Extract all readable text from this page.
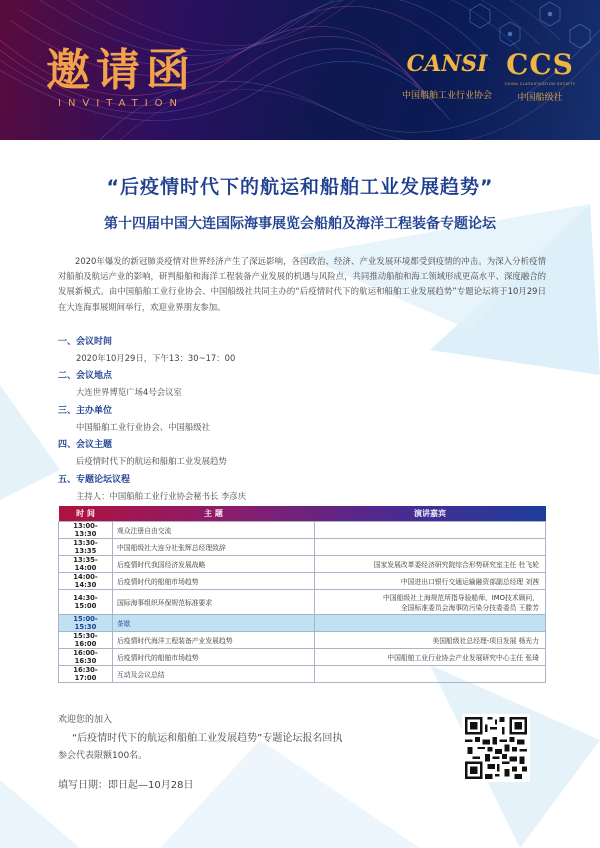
邀请函
INVITATION
CANSI
中国船舶工业行业协会
CCS
CHINA CLASSIFICATION SOCIETY
中国船级社
“后疫情时代下的航运和船舶工业发展趋势”
第十四届中国大连国际海事展览会船舶及海洋工程装备专题论坛
2020年爆发的新冠肺炎疫情对世界经济产生了深远影响，各国政治、经济、产业发展环境都受到疫情的冲击。为深入分析疫情对船舶及航运产业的影响，研判船舶和海洋工程装备产业发展的机遇与风险点，共同推动船舶和海工领域形成更高水平、深度融合的发展新模式。由中国船舶工业行业协会、中国船级社共同主办的“后疫情时代下的航运和船舶工业发展趋势”专题论坛将于10月29日在大连海事展期间举行，欢迎业界朋友参加。
一、会议时间
2020年10月29日，下午13：30~17：00
二、会议地点
大连世界博览广场4号会议室
三、主办单位
中国船舶工业行业协会、中国船级社
四、会议主题
后疫情时代下的航运和船舶工业发展趋势
五、专题论坛议程
主持人：中国船舶工业行业协会秘书长 李彦庆
时 间	主 题	演讲嘉宾
13:00-13:30	观众注册自由交流	
13:30-13:35	中国船级社大连分社张辉总经理致辞	
13:35-14:00	后疫情时代我国经济发展战略	国家发展改革委经济研究院综合形势研究室主任 杜飞轮
14:00-14:30	后疫情时代的船舶市场趋势	中国进出口银行交通运输融资部副总经理 刘茜
14:30-15:00	国际海事组织环保规范标准要求	中国船级社上海规范所指导验船师，IMO技术顾问，
全国标准委员会海事防污染分技委委员 王滕芳

15:00-15:30	茶歇	
15:30-16:00	后疫情时代海洋工程装备产业发展趋势	美国船级社总经理-项目发展 杨光力
16:00-16:30	后疫情时代的船舶市场趋势	中国船舶工业行业协会产业发展研究中心主任 张琦
16:30-17:00	互动及会议总结	
欢迎您的加入
“后疫情时代下的航运和船舶工业发展趋势”专题论坛报名回执
参会代表限额100名。
填写日期：即日起—10月28日
